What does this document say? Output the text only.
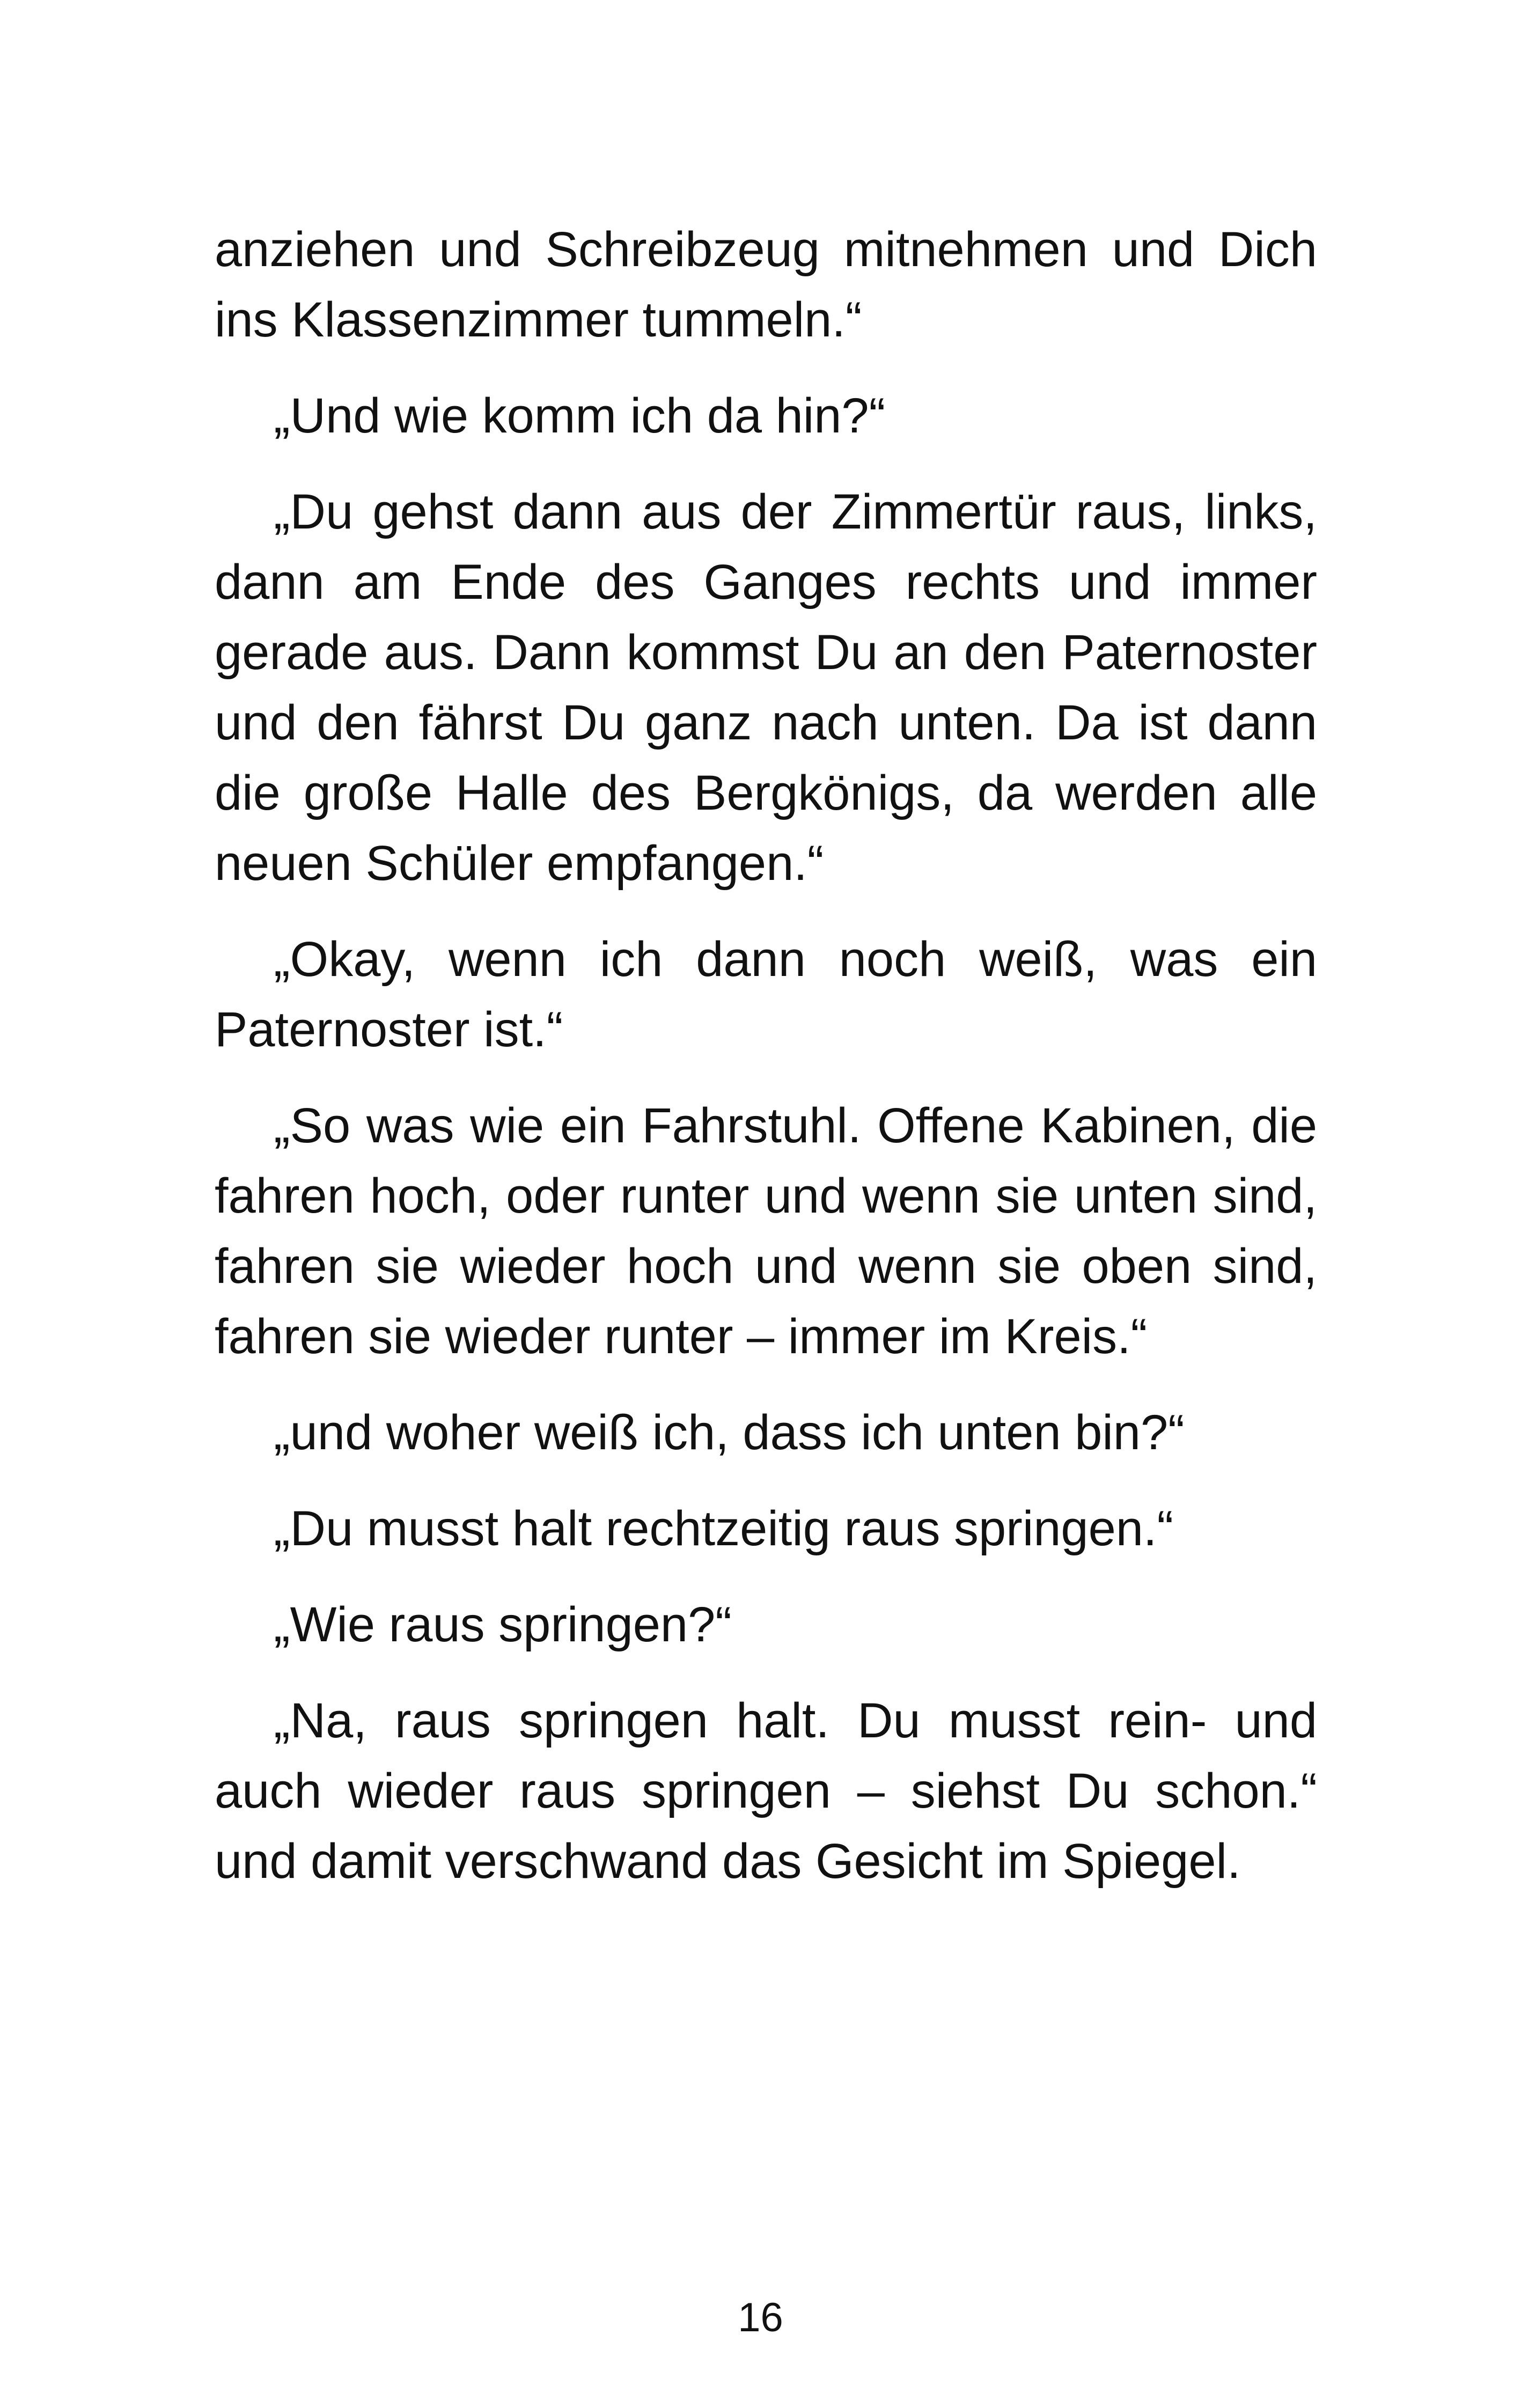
anziehen und Schreibzeug mitnehmen und Dich ins Klassenzimmer tummeln.“

„Und wie komm ich da hin?“

„Du gehst dann aus der Zimmertür raus, links, dann am Ende des Ganges rechts und immer gerade aus. Dann kommst Du an den Paternoster und den fährst Du ganz nach unten. Da ist dann die große Halle des Bergkönigs, da werden alle neuen Schüler empfangen.“

„Okay, wenn ich dann noch weiß, was ein Paternoster ist.“

„So was wie ein Fahrstuhl. Offene Kabinen, die fahren hoch, oder runter und wenn sie unten sind, fahren sie wieder hoch und wenn sie oben sind, fahren sie wieder runter – immer im Kreis.“

„und woher weiß ich, dass ich unten bin?“

„Du musst halt rechtzeitig raus springen.“

„Wie raus springen?“

„Na, raus springen halt. Du musst rein- und auch wieder raus springen – siehst Du schon.“ und damit verschwand das Gesicht im Spiegel.

16
